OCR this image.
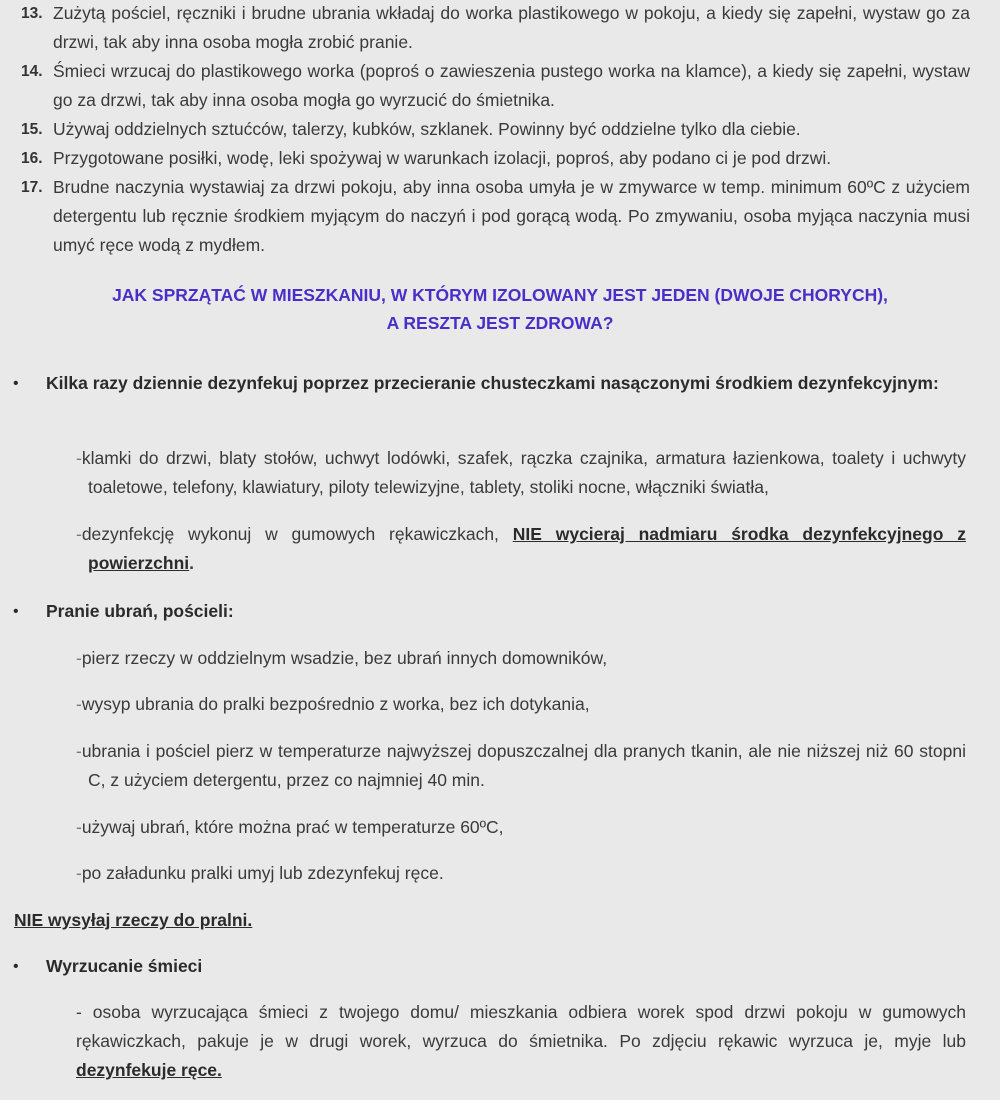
13. Zużytą pościel, ręczniki i brudne ubrania wkładaj do worka plastikowego w pokoju, a kiedy się zapełni, wystaw go za drzwi, tak aby inna osoba mogła zrobić pranie.
14. Śmieci wrzucaj do plastikowego worka (poproś o zawieszenia pustego worka na klamce), a kiedy się zapełni, wystaw go za drzwi, tak aby inna osoba mogła go wyrzucić do śmietnika.
15. Używaj oddzielnych sztućców, talerzy, kubków, szklanek. Powinny być oddzielne tylko dla ciebie.
16. Przygotowane posiłki, wodę, leki spożywaj w warunkach izolacji, poproś, aby podano ci je pod drzwi.
17. Brudne naczynia wystawiaj za drzwi pokoju, aby inna osoba umyła je w zmywarce w temp. minimum 60ºC z użyciem detergentu lub ręcznie środkiem myjącym do naczyń i pod gorącą wodą. Po zmywaniu, osoba myjąca naczynia musi umyć ręce wodą z mydłem.
JAK SPRZĄTAĆ W MIESZKANIU, W KTÓRYM IZOLOWANY JEST JEDEN (DWOJE CHORYCH),
A RESZTA JEST ZDROWA?
• Kilka razy dziennie dezynfekuj poprzez przecieranie chusteczkami nasączonymi środkiem dezynfekcyjnym:
-klamki do drzwi, blaty stołów, uchwyt lodówki, szafek, rączka czajnika, armatura łazienkowa, toalety i uchwyty toaletowe, telefony, klawiatury, piloty telewizyjne, tablety, stoliki nocne, włączniki światła,
-dezynfekcję wykonuj w gumowych rękawiczkach, NIE wycieraj nadmiaru środka dezynfekcyjnego z powierzchni.
• Pranie ubrań, pościeli:
-pierz rzeczy w oddzielnym wsadzie, bez ubrań innych domowników,
-wysyp ubrania do pralki bezpośrednio z worka, bez ich dotykania,
-ubrania i pościel pierz w temperaturze najwyższej dopuszczalnej dla pranych tkanin, ale nie niższej niż 60 stopni C, z użyciem detergentu, przez co najmniej 40 min.
-używaj ubrań, które można prać w temperaturze 60ºC,
-po załadunku pralki umyj lub zdezynfekuj ręce.
NIE wysyłaj rzeczy do pralni.
• Wyrzucanie śmieci
- osoba wyrzucająca śmieci z twojego domu/ mieszkania odbiera worek spod drzwi pokoju w gumowych rękawiczkach, pakuje je w drugi worek, wyrzuca do śmietnika. Po zdjęciu rękawic wyrzuca je, myje lub dezynfekuje ręce.
